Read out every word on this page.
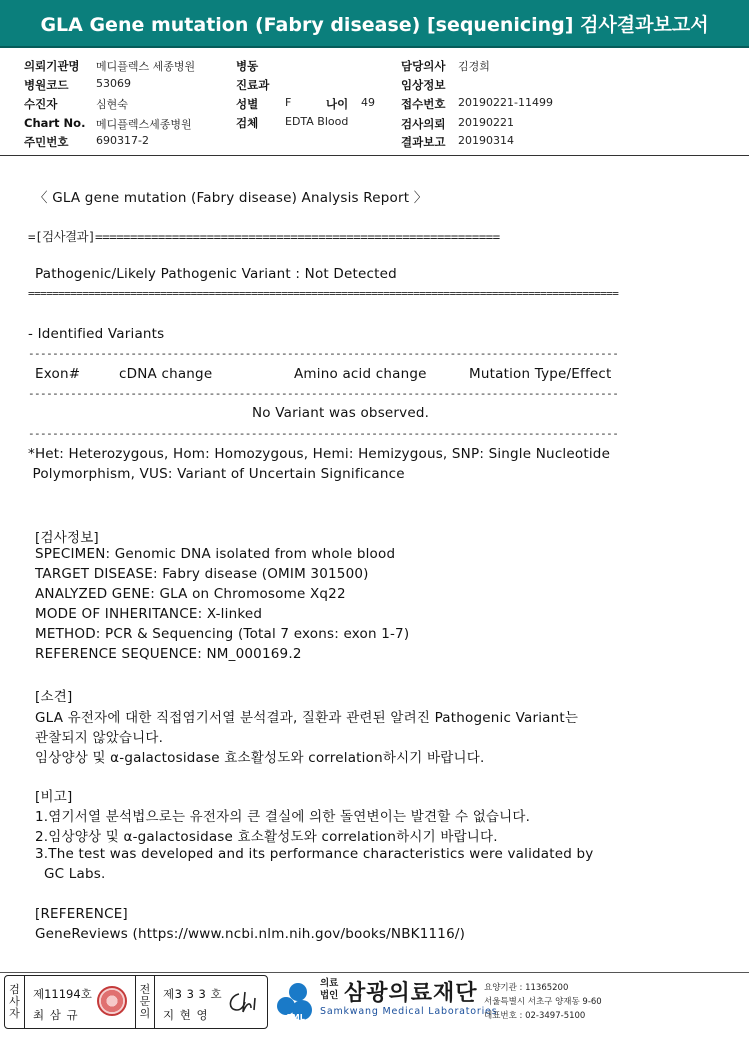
GLA Gene mutation (Fabry disease) [sequenicing] 검사결과보고서
의뢰기관명 메디플렉스 세종병원
병원코드	53069
수진자	심현숙
Chart No. 메디플렉스세종병원
주민번호	690317-2
병동
진료과
성별 F	나이 49
검체 EDTA Blood
담당의사 김경희
임상정보
접수번호 20190221-11499
검사의뢰 20190221
결과보고 20190314
〈 GLA gene mutation (Fabry disease) Analysis Report 〉
=[검사결과]==========================================================
Pathogenic/Likely Pathogenic Variant : Not Detected
==================================================================================================
- Identified Variants
--------------------------------------------------------------------------------------------------
Exon#	cDNA change	Amino acid change	Mutation Type/Effect
--------------------------------------------------------------------------------------------------
No Variant was observed.
--------------------------------------------------------------------------------------------------
*Het: Heterozygous, Hom: Homozygous, Hemi: Hemizygous, SNP: Single Nucleotide
Polymorphism, VUS: Variant of Uncertain Significance
[검사정보]
SPECIMEN: Genomic DNA isolated from whole blood
TARGET DISEASE: Fabry disease (OMIM 301500)
ANALYZED GENE: GLA on Chromosome Xq22
MODE OF INHERITANCE: X-linked
METHOD: PCR & Sequencing (Total 7 exons: exon 1-7)
REFERENCE SEQUENCE: NM_000169.2
[소견]
GLA 유전자에 대한 직접염기서열 분석결과, 질환과 관련된 알려진 Pathogenic Variant는
관찰되지 않았습니다.
임상양상 및 α-galactosidase 효소활성도와 correlation하시기 바랍니다.
[비고]
1.염기서열 분석법으로는 유전자의 큰 결실에 의한 돌연변이는 발견할 수 없습니다.
2.임상양상 및 α-galactosidase 효소활성도와 correlation하시기 바랍니다.
3.The test was developed and its performance characteristics were validated by
GC Labs.
[REFERENCE]
GeneReviews (https://www.ncbi.nlm.nih.gov/books/NBK1116/)
검
사
자
제11194호
최 삼 규
전
문
의
제3 3 3 호
지 현 영	SML
의료
법인 삼광의료재단
Samkwang Medical Laboratories
요양기관 : 11365200
서울특별시 서초구 양재동 9-60
대표번호 : 02-3497-5100
